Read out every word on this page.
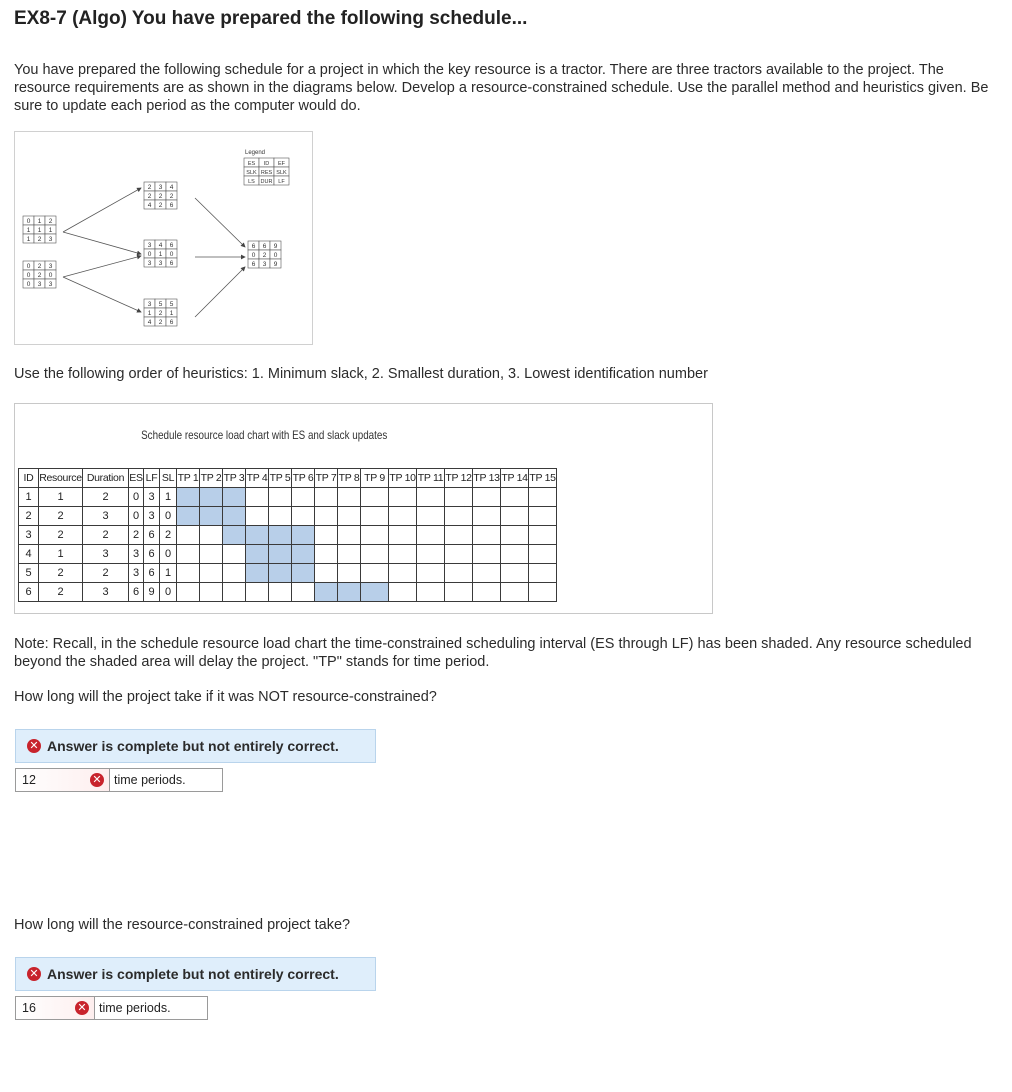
EX8-7 (Algo) You have prepared the following schedule...
You have prepared the following schedule for a project in which the key resource is a tractor. There are three tractors available to the project. The resource requirements are as shown in the diagrams below. Develop a resource-constrained schedule. Use the parallel method and heuristics given. Be sure to update each period as the computer would do.
Legend
ES ID EF
SLK RES SLK
LS DUR LF
0 1 2
1 1 1
1 2 3
0 2 3
0 2 0
0 3 3
2 3 4
2 2 2
4 2 6
3 4 6
0 1 0
3 3 6
3 5 5
1 2 1
4 2 6
6 6 9
0 2 0
6 3 9
Use the following order of heuristics: 1. Minimum slack, 2. Smallest duration, 3. Lowest identification number
Schedule resource load chart with ES and slack updates
ID	Resource	Duration	ES	LF	SL	TP 1	TP 2	TP 3	TP 4	TP 5	TP 6	TP 7	TP 8	TP 9	TP 10	TP 11	TP 12	TP 13	TP 14	TP 15
1	1	2	0	3	1															
2	2	3	0	3	0															
3	2	2	2	6	2															
4	1	3	3	6	0															
5	2	2	3	6	1															
6	2	3	6	9	0															
Note: Recall, in the schedule resource load chart the time-constrained scheduling interval (ES through LF) has been shaded. Any resource scheduled beyond the shaded area will delay the project. "TP" stands for time period.
How long will the project take if it was NOT resource-constrained?
✕ Answer is complete but not entirely correct.
12	✕ time periods.
How long will the resource-constrained project take?
✕ Answer is complete but not entirely correct.
16	✕ time periods.
